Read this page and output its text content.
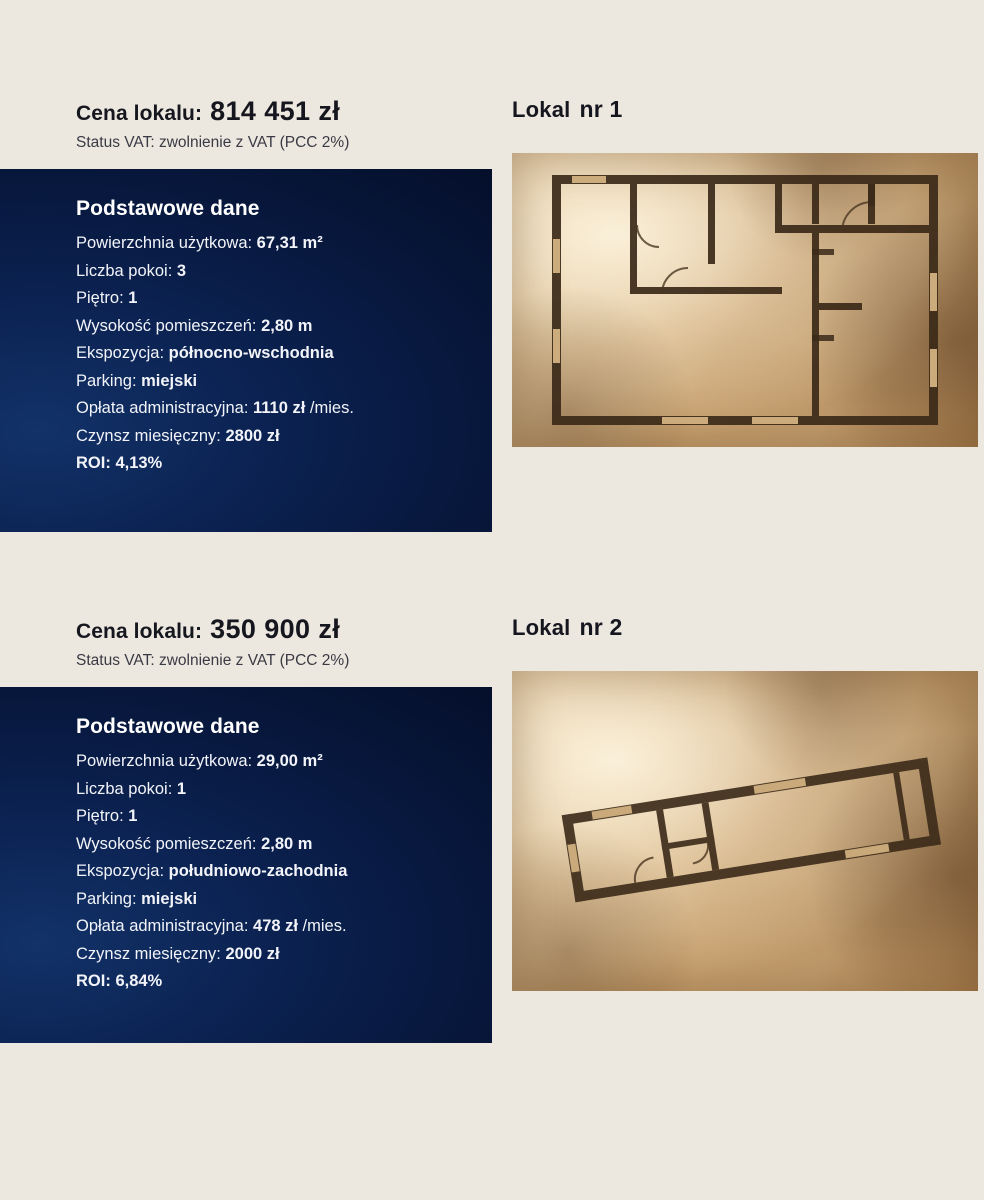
Cena lokalu: 814 451 zł
Status VAT: zwolnienie z VAT (PCC 2%)
Podstawowe dane

Powierzchnia użytkowa: 67,31 m²

Liczba pokoi: 3

Piętro: 1

Wysokość pomieszczeń: 2,80 m

Ekspozycja: północno-wschodnia

Parking: miejski

Opłata administracyjna: 1110 zł /mies.

Czynsz miesięczny: 2800 zł

ROI: 4,13%

Lokal nr 1
Cena lokalu: 350 900 zł
Status VAT: zwolnienie z VAT (PCC 2%)
Podstawowe dane

Powierzchnia użytkowa: 29,00 m²

Liczba pokoi: 1

Piętro: 1

Wysokość pomieszczeń: 2,80 m

Ekspozycja: południowo-zachodnia

Parking: miejski

Opłata administracyjna: 478 zł /mies.

Czynsz miesięczny: 2000 zł

ROI: 6,84%

Lokal nr 2
